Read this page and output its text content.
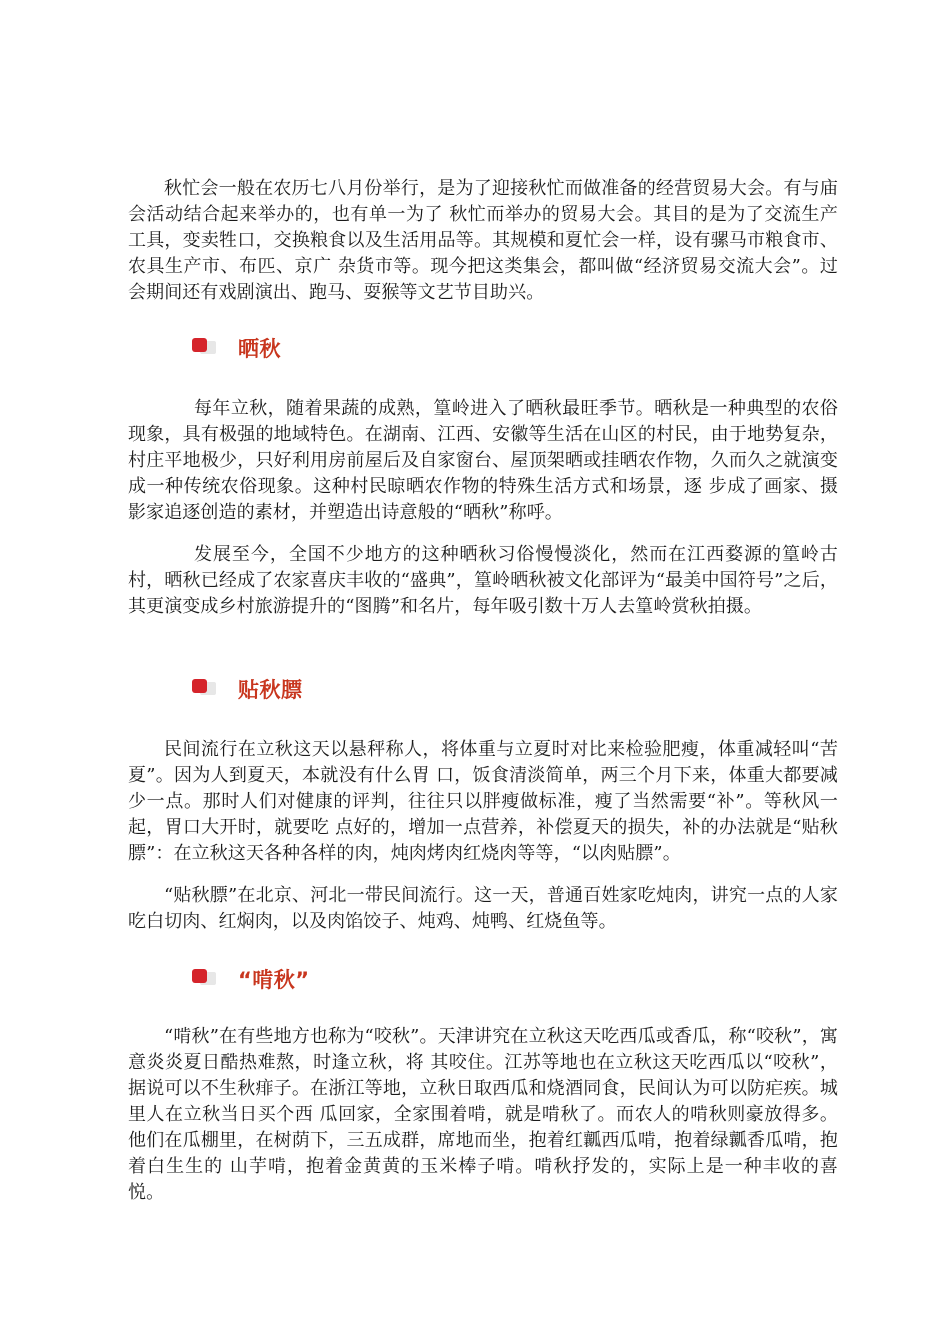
秋忙会一般在农历七八月份举行，是为了迎接秋忙而做准备的经营贸易大会。有与庙会活动结合起来举办的，也有单一为了 秋忙而举办的贸易大会。其目的是为了交流生产工具，变卖牲口，交换粮食以及生活用品等。其规模和夏忙会一样，设有骡马市粮食市、农具生产市、布匹、京广 杂货市等。现今把这类集会，都叫做“经济贸易交流大会”。过会期间还有戏剧演出、跑马、耍猴等文艺节目助兴。

晒秋

每年立秋，随着果蔬的成熟，篁岭进入了晒秋最旺季节。晒秋是一种典型的农俗现象，具有极强的地域特色。在湖南、江西、安徽等生活在山区的村民，由于地势复杂，村庄平地极少，只好利用房前屋后及自家窗台、屋顶架晒或挂晒农作物，久而久之就演变成一种传统农俗现象。这种村民晾晒农作物的特殊生活方式和场景，逐 步成了画家、摄影家追逐创造的素材，并塑造出诗意般的“晒秋”称呼。

发展至今，全国不少地方的这种晒秋习俗慢慢淡化，然而在江西婺源的篁岭古村，晒秋已经成了农家喜庆丰收的“盛典”，篁岭晒秋被文化部评为“最美中国符号”之后，其更演变成乡村旅游提升的“图腾”和名片，每年吸引数十万人去篁岭赏秋拍摄。

贴秋膘

民间流行在立秋这天以悬秤称人，将体重与立夏时对比来检验肥瘦，体重减轻叫“苦夏”。因为人到夏天，本就没有什么胃 口，饭食清淡简单，两三个月下来，体重大都要减少一点。那时人们对健康的评判，往往只以胖瘦做标准，瘦了当然需要“补”。等秋风一起，胃口大开时，就要吃 点好的，增加一点营养，补偿夏天的损失，补的办法就是“贴秋膘”：在立秋这天各种各样的肉，炖肉烤肉红烧肉等等，“以肉贴膘”。

“贴秋膘”在北京、河北一带民间流行。这一天，普通百姓家吃炖肉，讲究一点的人家吃白切肉、红焖肉，以及肉馅饺子、炖鸡、炖鸭、红烧鱼等。

“啃秋”

“啃秋”在有些地方也称为“咬秋”。天津讲究在立秋这天吃西瓜或香瓜，称“咬秋”，寓意炎炎夏日酷热难熬，时逢立秋，将 其咬住。江苏等地也在立秋这天吃西瓜以“咬秋”，据说可以不生秋痱子。在浙江等地，立秋日取西瓜和烧酒同食，民间认为可以防疟疾。城里人在立秋当日买个西 瓜回家，全家围着啃，就是啃秋了。而农人的啃秋则豪放得多。他们在瓜棚里，在树荫下，三五成群，席地而坐，抱着红瓤西瓜啃，抱着绿瓤香瓜啃，抱着白生生的 山芋啃，抱着金黄黄的玉米棒子啃。啃秋抒发的，实际上是一种丰收的喜悦。
